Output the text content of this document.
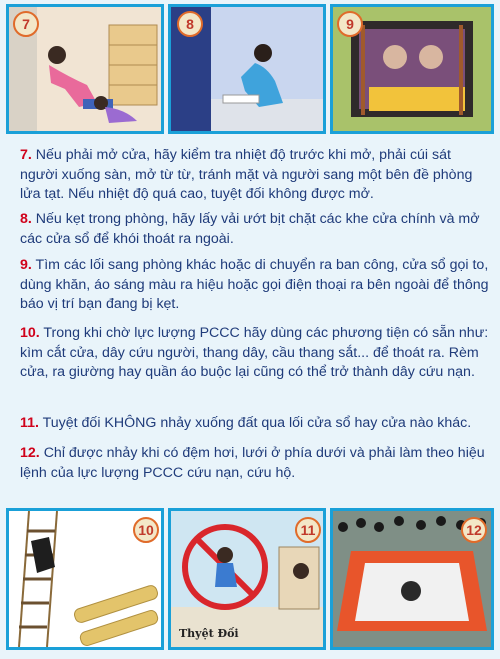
7	8	9
7. Nếu phải mở cửa, hãy kiểm tra nhiệt độ trước khi mở, phải cúi sát người xuống sàn, mở từ từ, tránh mặt và người sang một bên đề phòng lửa tạt. Nếu nhiệt độ quá cao, tuyệt đối không được mở.
8. Nếu kẹt trong phòng, hãy lấy vải ướt bịt chặt các khe cửa chính và mở các cửa sổ để khói thoát ra ngoài.
9. Tìm các lối sang phòng khác hoặc di chuyển ra ban công, cửa sổ gọi to, dùng khăn, áo sáng màu ra hiệu hoặc gọi điện thoại ra bên ngoài để thông báo vị trí bạn đang bị kẹt.
10. Trong khi chờ lực lượng PCCC hãy dùng các phương tiện có sẵn như: kìm cắt cửa, dây cứu người, thang dây, cầu thang sắt... để thoát ra. Rèm cửa, ra giường hay quần áo buộc lại cũng có thể trở thành dây cứu nạn.
11. Tuyệt đối KHÔNG nhảy xuống đất qua lối cửa sổ hay cửa nào khác.
12. Chỉ được nhảy khi có đệm hơi, lưới ở phía dưới và phải làm theo hiệu lệnh của lực lượng PCCC cứu nạn, cứu hộ.
10
Thyệt Đối
11	12
